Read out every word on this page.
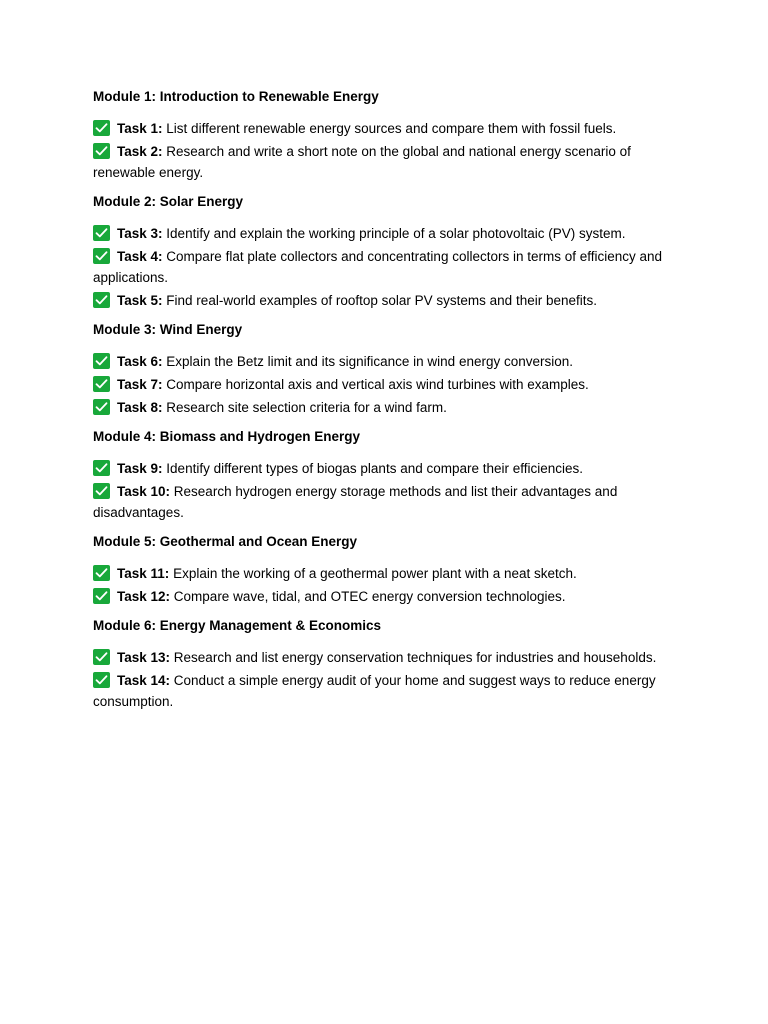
Module 1: Introduction to Renewable Energy
Task 1: List different renewable energy sources and compare them with fossil fuels.
Task 2: Research and write a short note on the global and national energy scenario of renewable energy.
Module 2: Solar Energy
Task 3: Identify and explain the working principle of a solar photovoltaic (PV) system.
Task 4: Compare flat plate collectors and concentrating collectors in terms of efficiency and applications.
Task 5: Find real-world examples of rooftop solar PV systems and their benefits.
Module 3: Wind Energy
Task 6: Explain the Betz limit and its significance in wind energy conversion.
Task 7: Compare horizontal axis and vertical axis wind turbines with examples.
Task 8: Research site selection criteria for a wind farm.
Module 4: Biomass and Hydrogen Energy
Task 9: Identify different types of biogas plants and compare their efficiencies.
Task 10: Research hydrogen energy storage methods and list their advantages and disadvantages.
Module 5: Geothermal and Ocean Energy
Task 11: Explain the working of a geothermal power plant with a neat sketch.
Task 12: Compare wave, tidal, and OTEC energy conversion technologies.
Module 6: Energy Management & Economics
Task 13: Research and list energy conservation techniques for industries and households.
Task 14: Conduct a simple energy audit of your home and suggest ways to reduce energy consumption.
